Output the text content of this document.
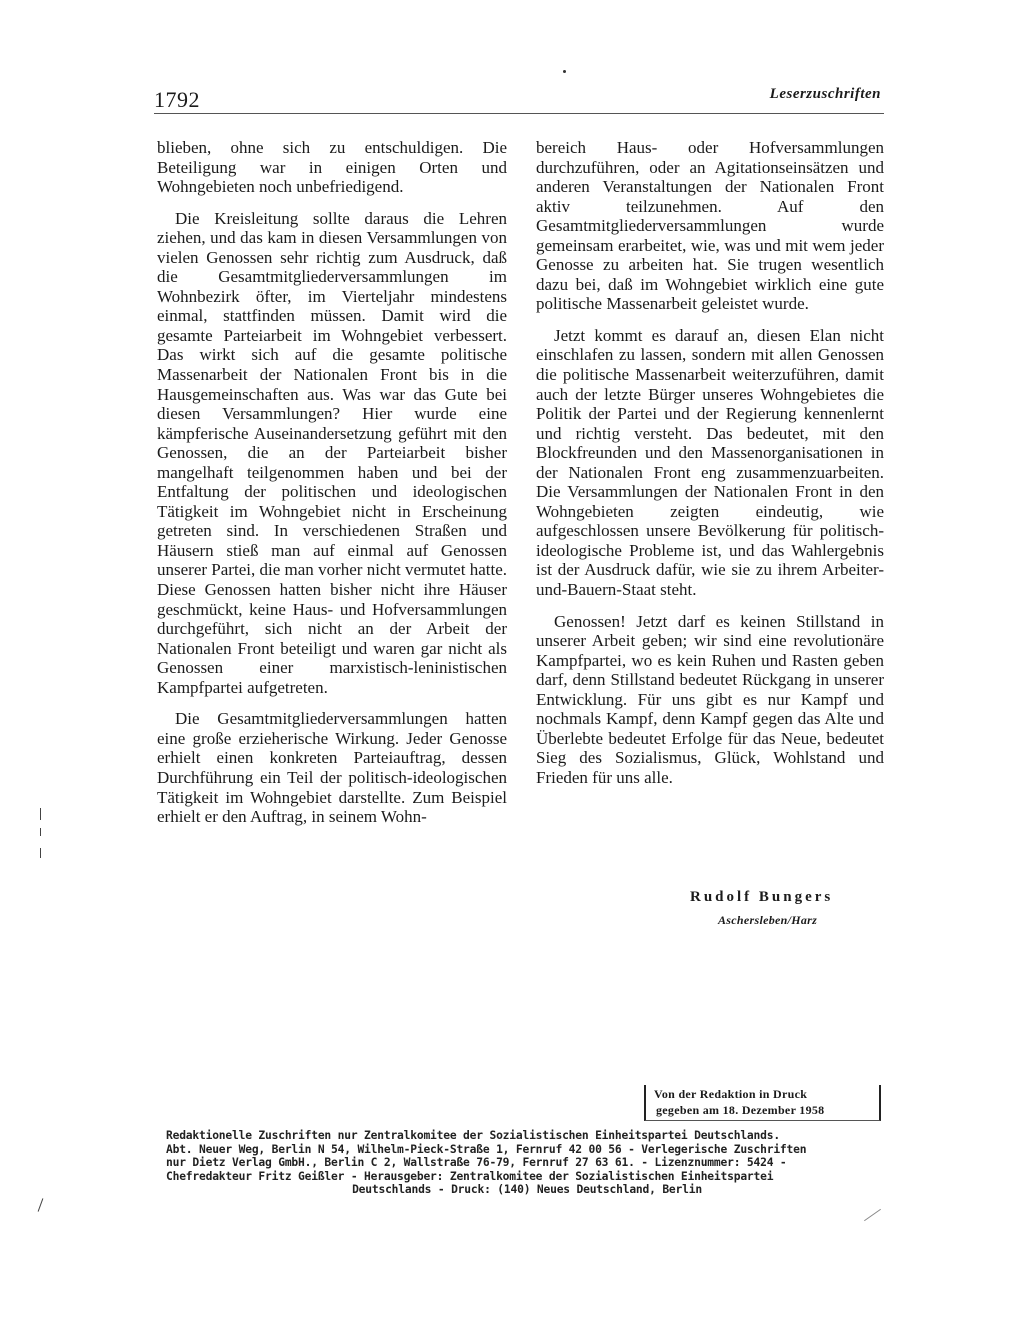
1792	Leserzuschriften

blieben, ohne sich zu entschuldigen. Die Beteiligung war in einigen Orten und Wohngebieten noch unbefriedigend.

Die Kreisleitung sollte daraus die Lehren ziehen, und das kam in diesen Versammlungen von vielen Genossen sehr richtig zum Ausdruck, daß die Gesamtmitgliederversammlungen im Wohnbezirk öfter, im Vierteljahr mindestens einmal, stattfinden müssen. Damit wird die gesamte Parteiarbeit im Wohngebiet verbessert. Das wirkt sich auf die gesamte politische Massenarbeit der Nationalen Front bis in die Hausgemeinschaften aus. Was war das Gute bei diesen Versammlungen? Hier wurde eine kämpferische Auseinandersetzung geführt mit den Genossen, die an der Parteiarbeit bisher mangelhaft teilgenommen haben und bei der Entfaltung der politischen und ideologischen Tätigkeit im Wohngebiet nicht in Erscheinung getreten sind. In verschiedenen Straßen und Häusern stieß man auf einmal auf Genossen unserer Partei, die man vorher nicht vermutet hatte. Diese Genossen hatten bisher nicht ihre Häuser geschmückt, keine Haus- und Hofversammlungen durchgeführt, sich nicht an der Arbeit der Nationalen Front beteiligt und waren gar nicht als Genossen einer marxistisch-leninistischen Kampfpartei aufgetreten.

Die Gesamtmitgliederversammlungen hatten eine große erzieherische Wirkung. Jeder Genosse erhielt einen konkreten Parteiauftrag, dessen Durchführung ein Teil der politisch-ideologischen Tätigkeit im Wohngebiet darstellte. Zum Beispiel erhielt er den Auftrag, in seinem Wohn-

bereich Haus- oder Hofversammlungen durchzuführen, oder an Agitationseinsätzen und anderen Veranstaltungen der Nationalen Front aktiv teilzunehmen. Auf den Gesamtmitgliederversammlungen wurde gemeinsam erarbeitet, wie, was und mit wem jeder Genosse zu arbeiten hat. Sie trugen wesentlich dazu bei, daß im Wohngebiet wirklich eine gute politische Massenarbeit geleistet wurde.

Jetzt kommt es darauf an, diesen Elan nicht einschlafen zu lassen, sondern mit allen Genossen die politische Massenarbeit weiterzuführen, damit auch der letzte Bürger unseres Wohngebietes die Politik der Partei und der Regierung kennenlernt und richtig versteht. Das bedeutet, mit den Blockfreunden und den Massenorganisationen in der Nationalen Front eng zusammenzuarbeiten. Die Versammlungen der Nationalen Front in den Wohngebieten zeigten eindeutig, wie aufgeschlossen unsere Bevölkerung für politisch-ideologische Probleme ist, und das Wahlergebnis ist der Ausdruck dafür, wie sie zu ihrem Arbeiter-und-Bauern-Staat steht.

Genossen! Jetzt darf es keinen Stillstand in unserer Arbeit geben; wir sind eine revolutionäre Kampfpartei, wo es kein Ruhen und Rasten geben darf, denn Stillstand bedeutet Rückgang in unserer Entwicklung. Für uns gibt es nur Kampf und nochmals Kampf, denn Kampf gegen das Alte und Überlebte bedeutet Erfolge für das Neue, bedeutet Sieg des Sozialismus, Glück, Wohlstand und Frieden für uns alle.

Rudolf Bungers
Aschersleben/Harz
Von der Redaktion in Druck
gegeben am 18. Dezember 1958
Redaktionelle Zuschriften nur Zentralkomitee der Sozialistischen Einheitspartei Deutschlands.
Abt. Neuer Weg, Berlin N 54, Wilhelm-Pieck-Straße 1, Fernruf 42 00 56 - Verlegerische Zuschriften
nur Dietz Verlag GmbH., Berlin C 2, Wallstraße 76-79, Fernruf 27 63 61. - Lizenznummer: 5424 -
Chefredakteur Fritz Geißler - Herausgeber: Zentralkomitee der Sozialistischen Einheitspartei
Deutschlands - Druck: (140) Neues Deutschland, Berlin
